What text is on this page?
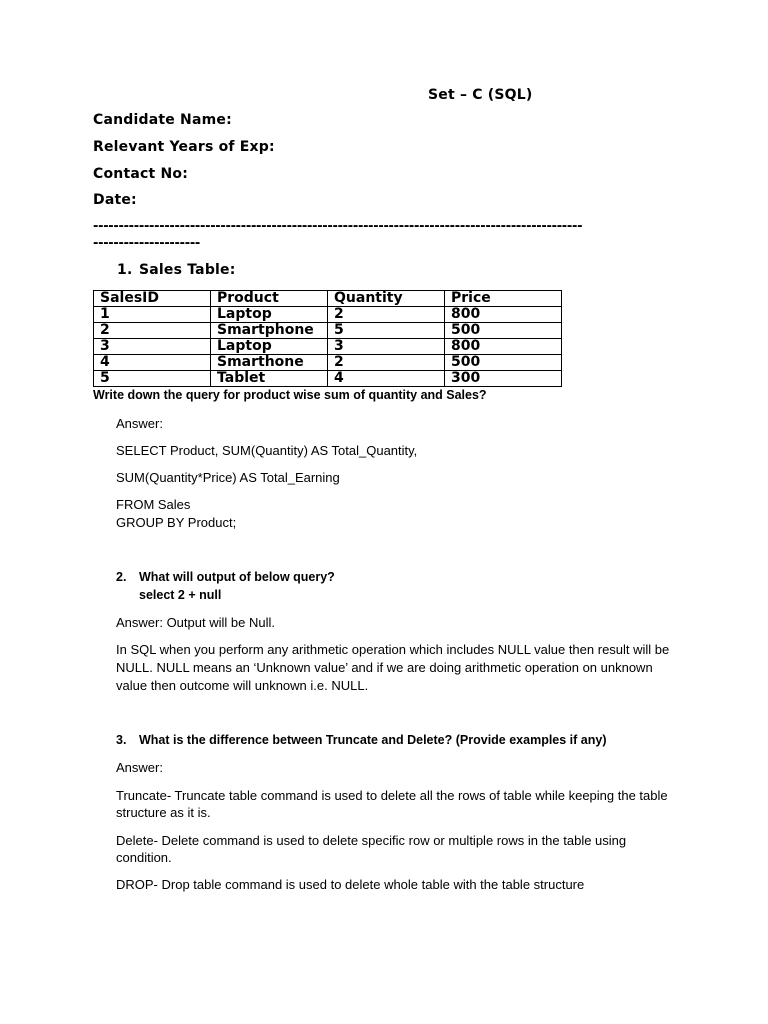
Set – C (SQL)
Candidate Name:
Relevant Years of Exp:
Contact No:
Date:
------------------------------------------------------------------------------------------------
---------------------
1. Sales Table:
SalesID	Product	Quantity	Price
1	Laptop	2	800
2	Smartphone	5	500
3	Laptop	3	800
4	Smarthone	2	500
5	Tablet	4	300
Write down the query for product wise sum of quantity and Sales?
Answer:
SELECT Product, SUM(Quantity) AS Total_Quantity,
SUM(Quantity*Price) AS Total_Earning
FROM Sales
GROUP BY Product;
2. What will output of below query?
select 2 + null
Answer: Output will be Null.
In SQL when you perform any arithmetic operation which includes NULL value then result will be NULL. NULL means an ‘Unknown value’ and if we are doing arithmetic operation on unknown value then outcome will unknown i.e. NULL.
3. What is the difference between Truncate and Delete? (Provide examples if any)
Answer:
Truncate- Truncate table command is used to delete all the rows of table while keeping the table structure as it is.
Delete- Delete command is used to delete specific row or multiple rows in the table using condition.
DROP- Drop table command is used to delete whole table with the table structure
